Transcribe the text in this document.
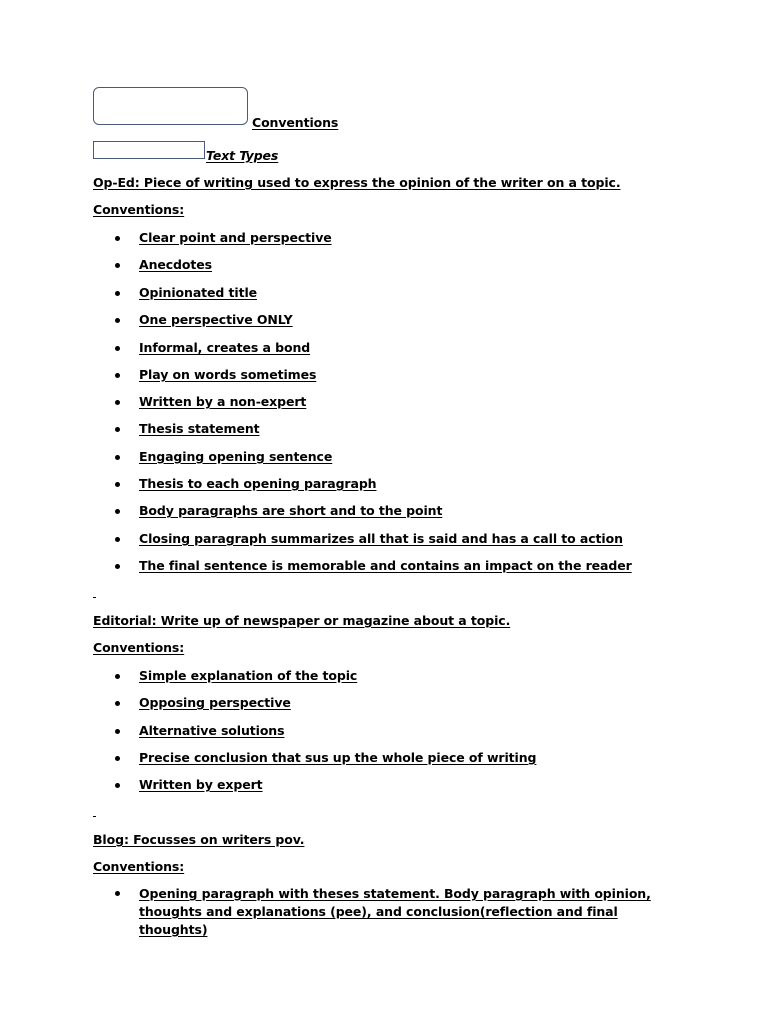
Conventions
Text Types
Op-Ed: Piece of writing used to express the opinion of the writer on a topic.
Conventions:
Clear point and perspective
Anecdotes
Opinionated title
One perspective ONLY
Informal, creates a bond
Play on words sometimes
Written by a non-expert
Thesis statement
Engaging opening sentence
Thesis to each opening paragraph
Body paragraphs are short and to the point
Closing paragraph summarizes all that is said and has a call to action
The final sentence is memorable and contains an impact on the reader
Editorial: Write up of newspaper or magazine about a topic.
Conventions:
Simple explanation of the topic
Opposing perspective
Alternative solutions
Precise conclusion that sus up the whole piece of writing
Written by expert
Blog: Focusses on writers pov.
Conventions:
Opening paragraph with theses statement. Body paragraph with opinion, thoughts and explanations (pee), and conclusion(reflection and final thoughts)
